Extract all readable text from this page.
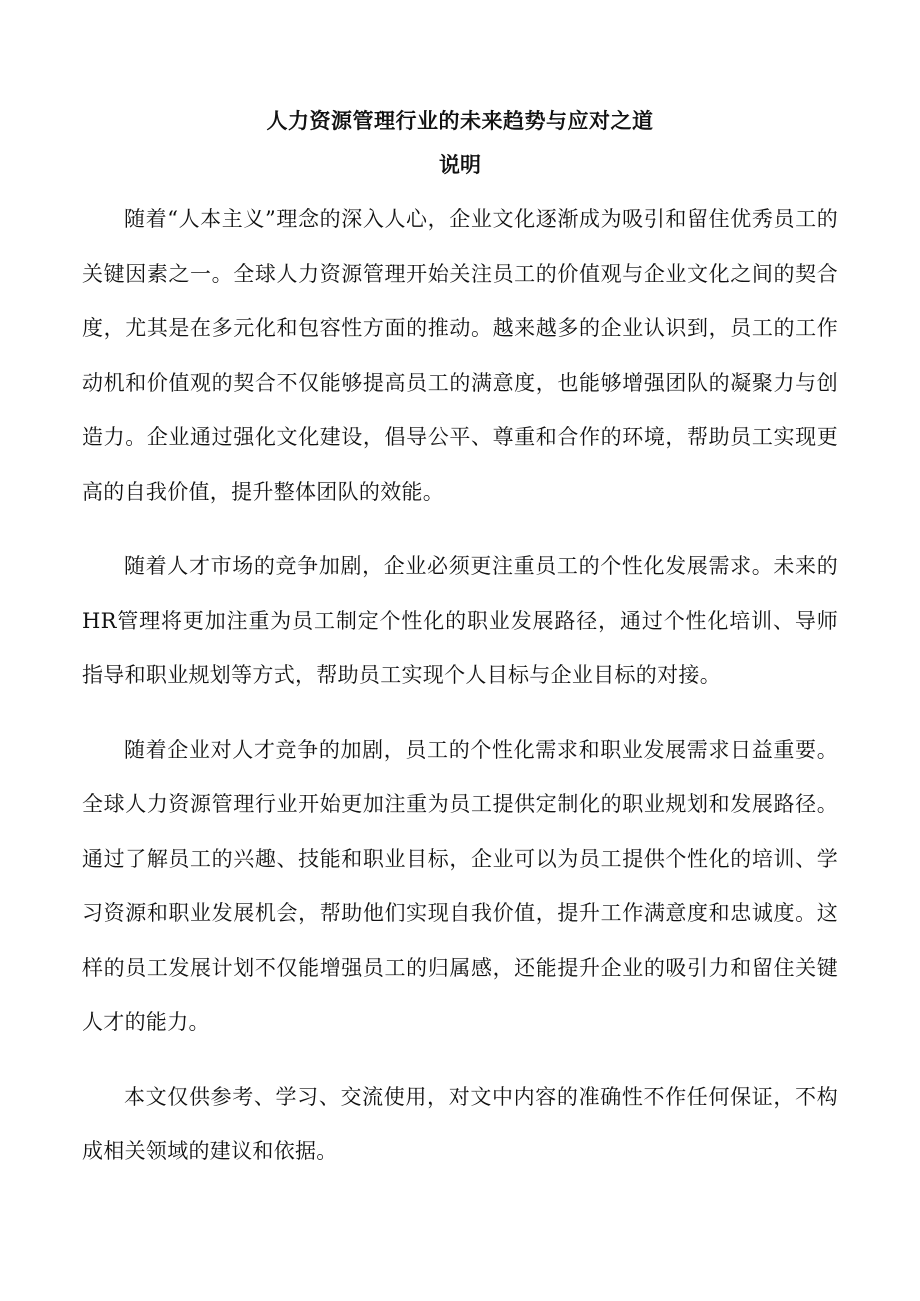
人力资源管理行业的未来趋势与应对之道
说明

随着“人本主义”理念的深入人心，企业文化逐渐成为吸引和留住优秀员工的关键因素之一。全球人力资源管理开始关注员工的价值观与企业文化之间的契合度，尤其是在多元化和包容性方面的推动。越来越多的企业认识到，员工的工作动机和价值观的契合不仅能够提高员工的满意度，也能够增强团队的凝聚力与创造力。企业通过强化文化建设，倡导公平、尊重和合作的环境，帮助员工实现更高的自我价值，提升整体团队的效能。

随着人才市场的竞争加剧，企业必须更注重员工的个性化发展需求。未来的HR管理将更加注重为员工制定个性化的职业发展路径，通过个性化培训、导师指导和职业规划等方式，帮助员工实现个人目标与企业目标的对接。

随着企业对人才竞争的加剧，员工的个性化需求和职业发展需求日益重要。全球人力资源管理行业开始更加注重为员工提供定制化的职业规划和发展路径。通过了解员工的兴趣、技能和职业目标，企业可以为员工提供个性化的培训、学习资源和职业发展机会，帮助他们实现自我价值，提升工作满意度和忠诚度。这样的员工发展计划不仅能增强员工的归属感，还能提升企业的吸引力和留住关键人才的能力。

本文仅供参考、学习、交流使用，对文中内容的准确性不作任何保证，不构成相关领域的建议和依据。
